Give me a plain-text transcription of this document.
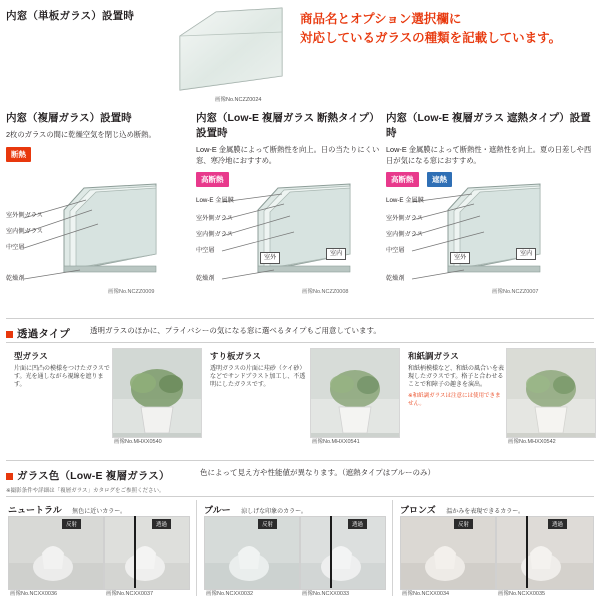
商品名とオプション選択欄に
対応しているガラスの種類を記載しています。
内窓（単板ガラス）設置時
画像No.NCZZ0024
内窓（複層ガラス）設置時
2枚のガラスの間に乾燥空気を閉じ込め断熱。
断熱
室外側ガラス
室内側ガラス
中空層
乾燥剤
画像No.NCZZ0009
内窓（Low-E 複層ガラス 断熱タイプ）設置時
Low-E 金属膜によって断熱性を向上。日の当たりにくい窓、寒冷地におすすめ。
高断熱
Low-E 金属膜
室外側ガラス
室内側ガラス
中空層
乾燥剤
室外
室内
画像No.NCZZ0008
内窓（Low-E 複層ガラス 遮熱タイプ）設置時
Low-E 金属膜によって断熱性・遮熱性を向上。夏の日差しや西日が気になる窓におすすめ。
高断熱 遮熱
Low-E 金属膜
室外側ガラス
室内側ガラス
中空層
乾燥剤
室外
室内
画像No.NCZZ0007
透過タイプ	透明ガラスのほかに、プライバシーの気になる窓に選べるタイプもご用意しています。
型ガラス
片面に凹凸の模様をつけたガラスです。光を通しながら視線を遮ります。
画像No.MHXX0540
すり板ガラス
透明ガラスの片面に珪砂（ケイ砂）などでサンドブラスト加工し、不透明にしたガラスです。
画像No.MHXX0541
和紙調ガラス
和紙柄模様など、和紙の風合いを表現したガラスです。格子と合わせることで和障子の趣きを演出。
※和紙調ガラスは注意には使用できません。
画像No.MHXX0542
ガラス色（Low-E 複層ガラス）	色によって見え方や性能値が異なります。（遮熱タイプはブルーのみ）
※撮影条件や詳細は「複層ガラス」カタログをご参照ください。
ニュートラル 無色に近いカラー。
反射	透過
画像No.NCXX0036	画像No.NCXX0037
ブルー 涼しげな印象のカラー。
反射	透過
画像No.NCXX0032	画像No.NCXX0033
ブロンズ 温かみを表現できるカラー。
反射	透過
画像No.NCXX0034	画像No.NCXX0035
